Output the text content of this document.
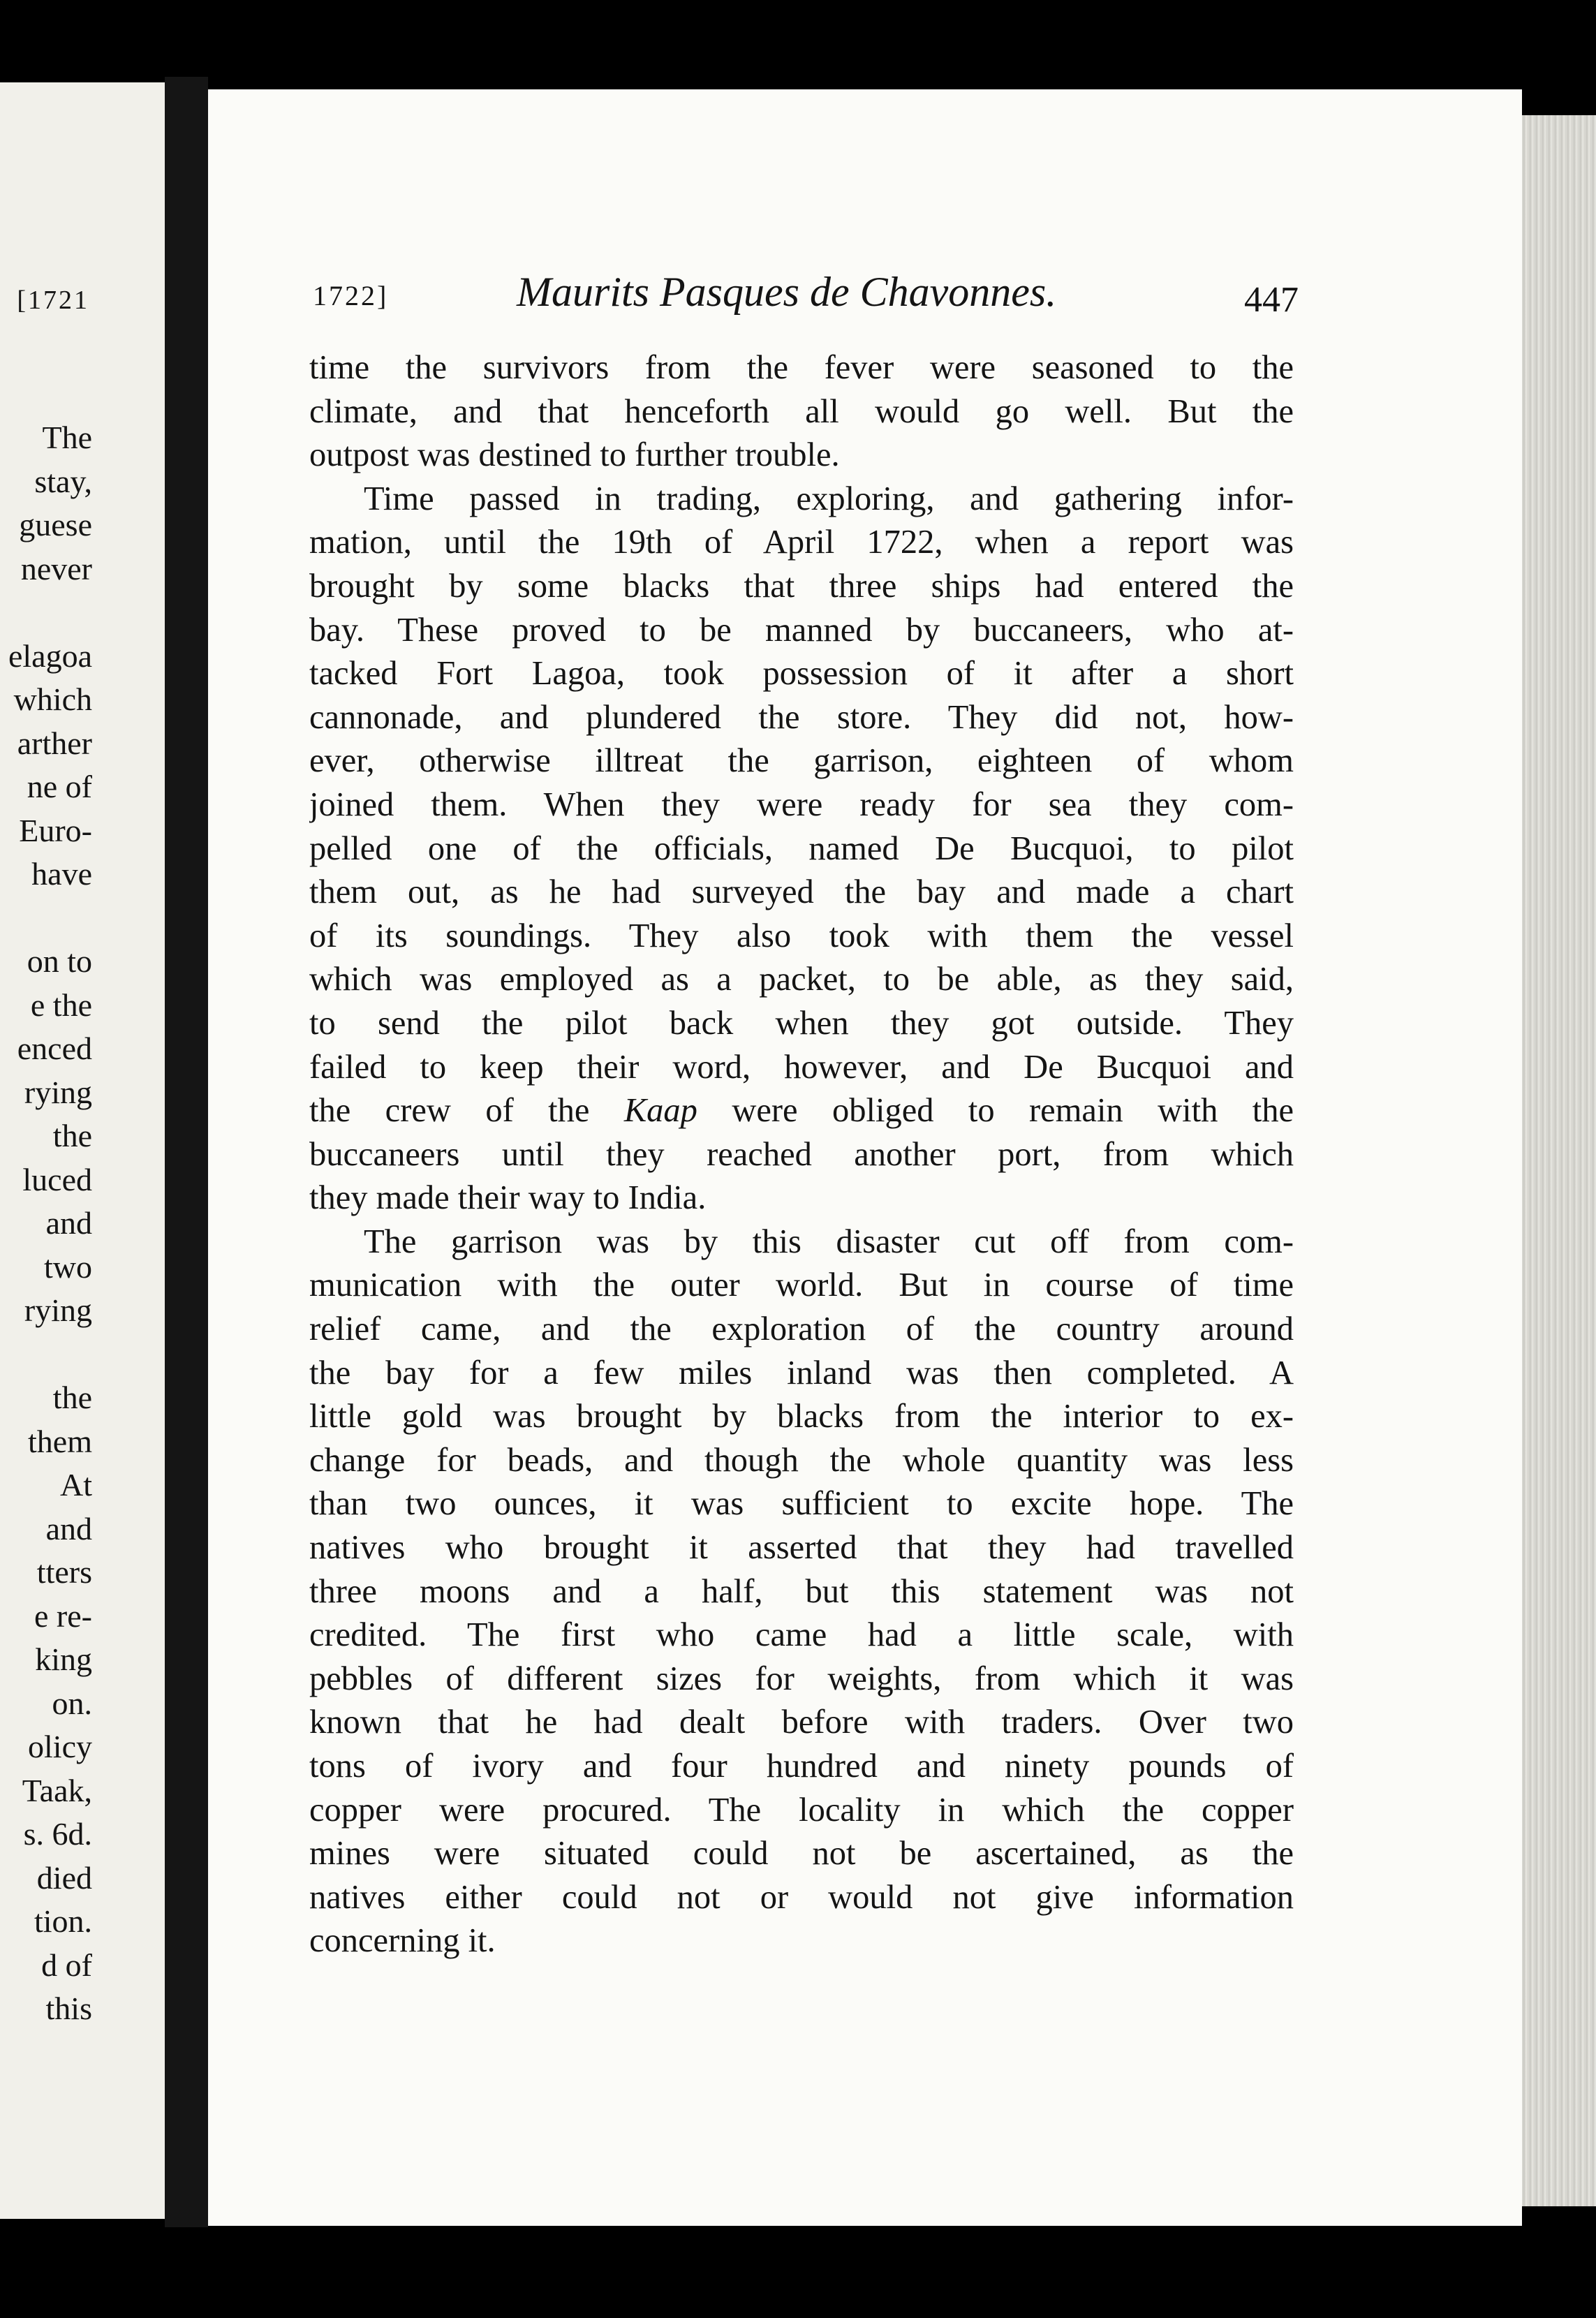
[1721
The
stay,
guese
never

elagoa
which
arther
ne of
Euro-
have

on to
e the
enced
rying
the
luced
and
two
rying

the
them
At
and
tters
e re-
king
on.
olicy
Taak,
s. 6d.
died
tion.
d of
this
1722]	Maurits Pasques de Chavonnes.	447
time the survivors from the fever were seasoned to the
climate, and that henceforth all would go well. But the
outpost was destined to further trouble.
Time passed in trading, exploring, and gathering infor-
mation, until the 19th of April 1722, when a report was
brought by some blacks that three ships had entered the
bay. These proved to be manned by buccaneers, who at-
tacked Fort Lagoa, took possession of it after a short
cannonade, and plundered the store. They did not, how-
ever, otherwise illtreat the garrison, eighteen of whom
joined them. When they were ready for sea they com-
pelled one of the officials, named De Bucquoi, to pilot
them out, as he had surveyed the bay and made a chart
of its soundings. They also took with them the vessel
which was employed as a packet, to be able, as they said,
to send the pilot back when they got outside. They
failed to keep their word, however, and De Bucquoi and
the crew of the Kaap were obliged to remain with the
buccaneers until they reached another port, from which
they made their way to India.
The garrison was by this disaster cut off from com-
munication with the outer world. But in course of time
relief came, and the exploration of the country around
the bay for a few miles inland was then completed. A
little gold was brought by blacks from the interior to ex-
change for beads, and though the whole quantity was less
than two ounces, it was sufficient to excite hope. The
natives who brought it asserted that they had travelled
three moons and a half, but this statement was not
credited. The first who came had a little scale, with
pebbles of different sizes for weights, from which it was
known that he had dealt before with traders. Over two
tons of ivory and four hundred and ninety pounds of
copper were procured. The locality in which the copper
mines were situated could not be ascertained, as the
natives either could not or would not give information
concerning it.
